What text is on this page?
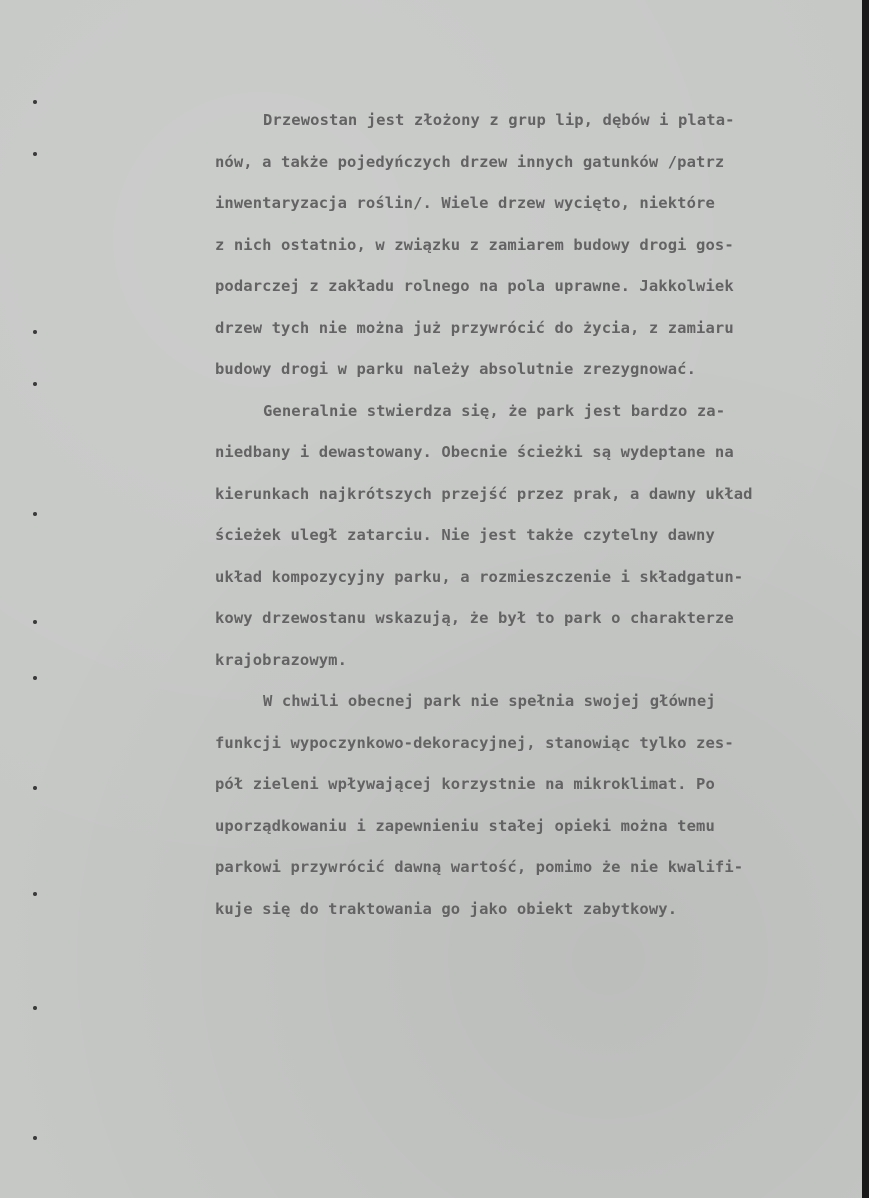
Drzewostan jest złożony z grup lip, dębów i plata-
nów, a także pojedyńczych drzew innych gatunków /patrz
inwentaryzacja roślin/. Wiele drzew wycięto, niektóre
z nich ostatnio, w związku z zamiarem budowy drogi gos-
podarczej z zakładu rolnego na pola uprawne. Jakkolwiek
drzew tych nie można już przywrócić do życia, z zamiaru
budowy drogi w parku należy absolutnie zrezygnować.

Generalnie stwierdza się, że park jest bardzo za-
niedbany i dewastowany. Obecnie ścieżki są wydeptane na
kierunkach najkrótszych przejść przez prak, a dawny układ
ścieżek uległ zatarciu. Nie jest także czytelny dawny
układ kompozycyjny parku, a rozmieszczenie i składgatun-
kowy drzewostanu wskazują, że był to park o charakterze
krajobrazowym.

W chwili obecnej park nie spełnia swojej głównej
funkcji wypoczynkowo-dekoracyjnej, stanowiąc tylko zes-
pół zieleni wpływającej korzystnie na mikroklimat. Po
uporządkowaniu i zapewnieniu stałej opieki można temu
parkowi przywrócić dawną wartość, pomimo że nie kwalifi-
kuje się do traktowania go jako obiekt zabytkowy.
